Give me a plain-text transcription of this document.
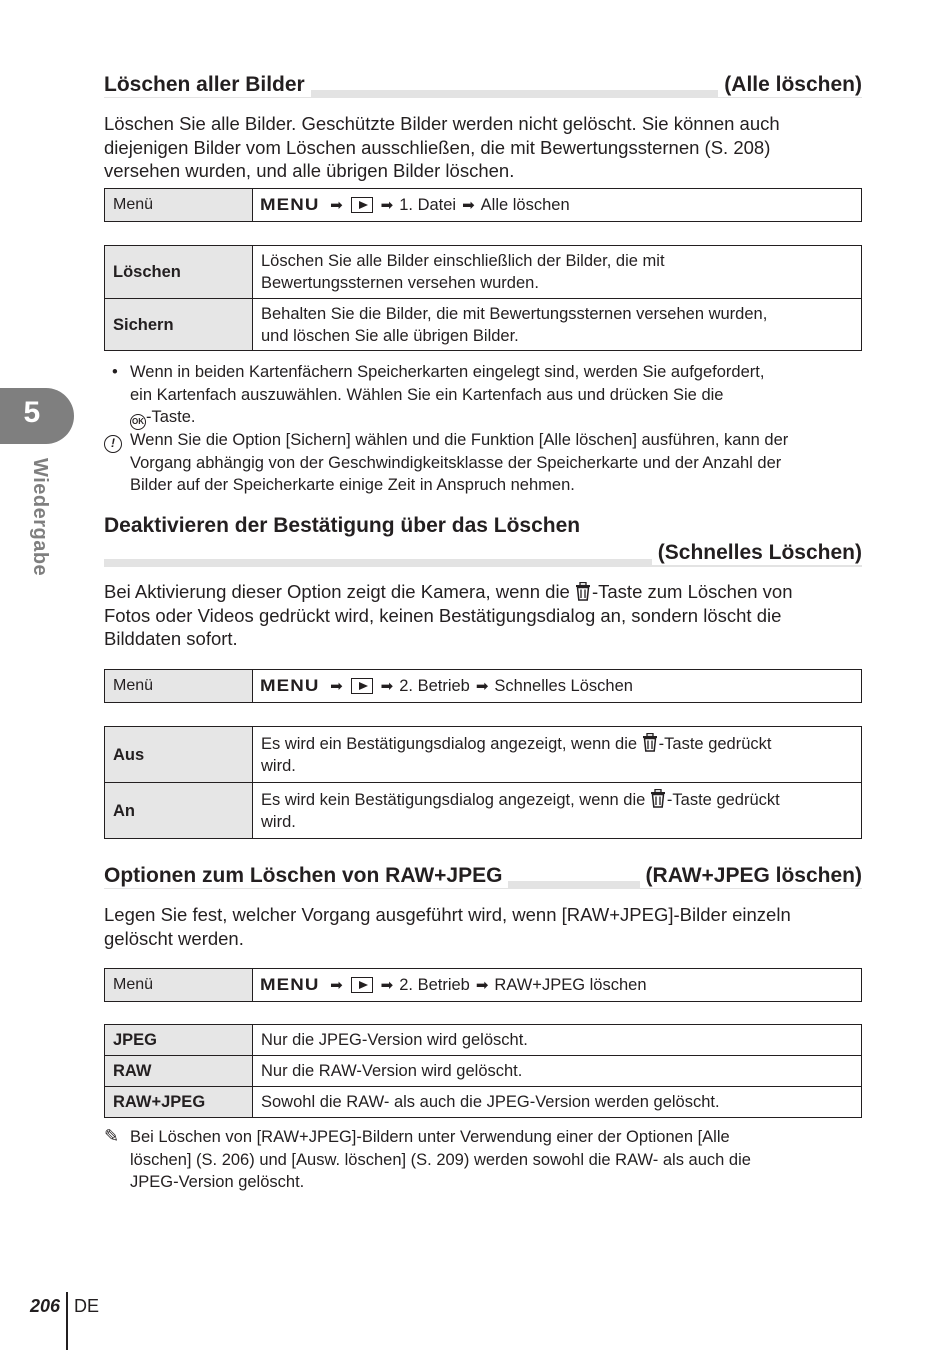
5
Wiedergabe
Löschen aller Bilder	(Alle löschen)
Löschen Sie alle Bilder. Geschützte Bilder werden nicht gelöscht. Sie können auch
diejenigen Bilder vom Löschen ausschließen, die mit Bewertungssternen (S. 208)
versehen wurden, und alle übrigen Bilder löschen.
Menü	MENU ➡	➡ 1. Datei ➡ Alle löschen
Löschen	Löschen Sie alle Bilder einschließlich der Bilder, die mit
Bewertungssternen versehen wurden.

Sichern	Behalten Sie die Bilder, die mit Bewertungssternen versehen wurden,
und löschen Sie alle übrigen Bilder.
• Wenn in beiden Kartenfächern Speicherkarten eingelegt sind, werden Sie aufgefordert,
ein Kartenfach auszuwählen. Wählen Sie ein Kartenfach aus und drücken Sie die
OK -Taste.
! Wenn Sie die Option [Sichern] wählen und die Funktion [Alle löschen] ausführen, kann der
Vorgang abhängig von der Geschwindigkeitsklasse der Speicherkarte und der Anzahl der
Bilder auf der Speicherkarte einige Zeit in Anspruch nehmen.
Deaktivieren der Bestätigung über das Löschen
(Schnelles Löschen)
Bei Aktivierung dieser Option zeigt die Kamera, wenn die -Taste zum Löschen von
Fotos oder Videos gedrückt wird, keinen Bestätigungsdialog an, sondern löscht die
Bilddaten sofort.
Menü	MENU ➡	➡ 2. Betrieb ➡ Schnelles Löschen
Aus	Es wird ein Bestätigungsdialog angezeigt, wenn die -Taste gedrückt
wird.

An	Es wird kein Bestätigungsdialog angezeigt, wenn die -Taste gedrückt
wird.
Optionen zum Löschen von RAW+JPEG	(RAW+JPEG löschen)
Legen Sie fest, welcher Vorgang ausgeführt wird, wenn [RAW+JPEG]-Bilder einzeln
gelöscht werden.
Menü	MENU ➡	➡ 2. Betrieb ➡ RAW+JPEG löschen
JPEG	Nur die JPEG-Version wird gelöscht.
RAW	Nur die RAW-Version wird gelöscht.
RAW+JPEG	Sowohl die RAW- als auch die JPEG-Version werden gelöscht.
✎ Bei Löschen von [RAW+JPEG]-Bildern unter Verwendung einer der Optionen [Alle
löschen] (S. 206) und [Ausw. löschen] (S. 209) werden sowohl die RAW- als auch die
JPEG-Version gelöscht.
206 DE
